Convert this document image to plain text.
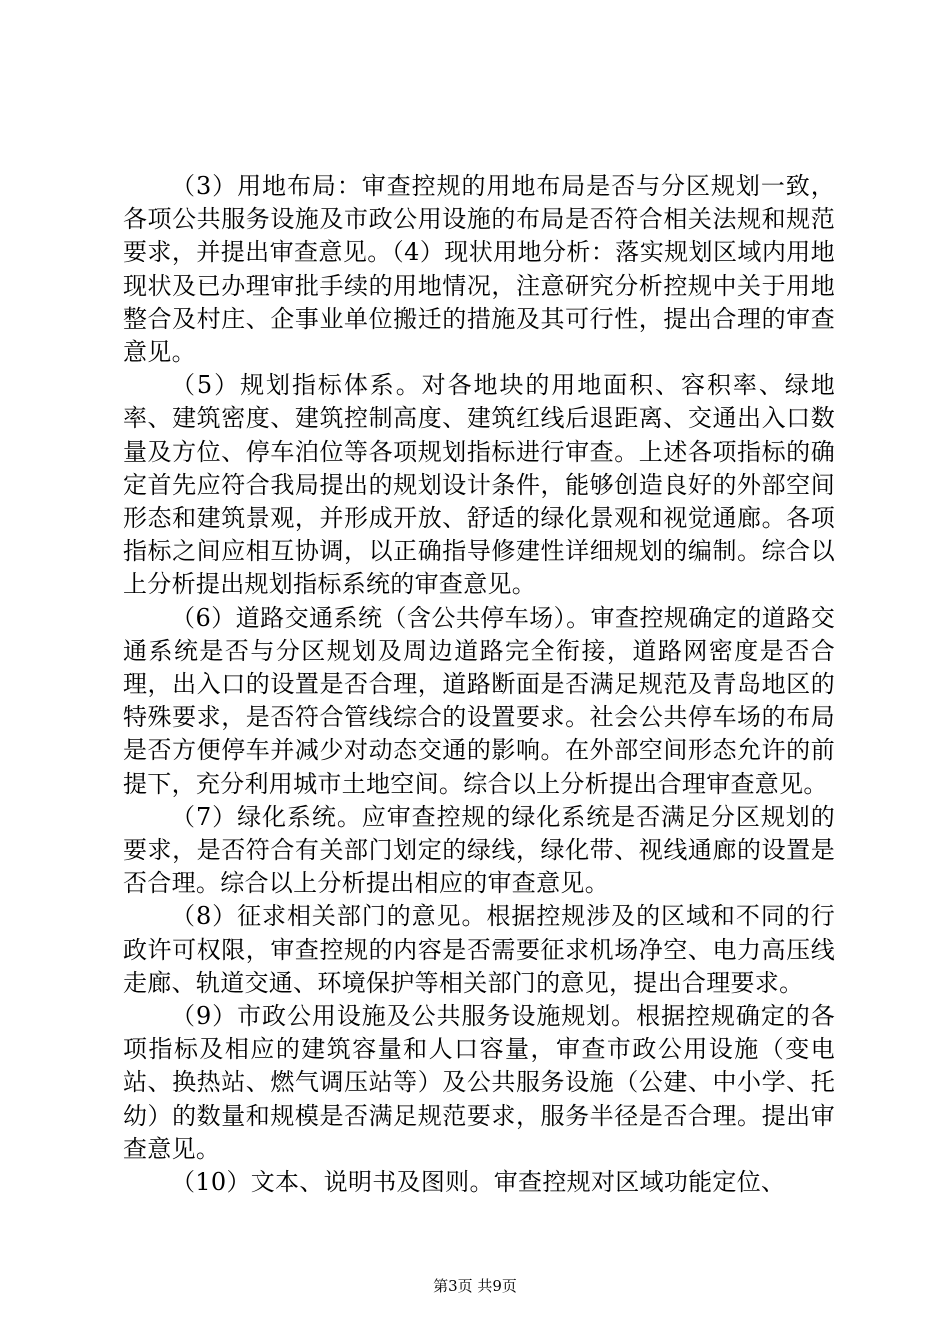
（3）用地布局：审查控规的用地布局是否与分区规划一致，各项公共服务设施及市政公用设施的布局是否符合相关法规和规范要求，并提出审查意见。（4）现状用地分析：落实规划区域内用地现状及已办理审批手续的用地情况，注意研究分析控规中关于用地整合及村庄、企事业单位搬迁的措施及其可行性，提出合理的审查意见。

（5）规划指标体系。对各地块的用地面积、容积率、绿地率、建筑密度、建筑控制高度、建筑红线后退距离、交通出入口数量及方位、停车泊位等各项规划指标进行审查。上述各项指标的确定首先应符合我局提出的规划设计条件，能够创造良好的外部空间形态和建筑景观，并形成开放、舒适的绿化景观和视觉通廊。各项指标之间应相互协调，以正确指导修建性详细规划的编制。综合以上分析提出规划指标系统的审查意见。

（6）道路交通系统（含公共停车场）。审查控规确定的道路交通系统是否与分区规划及周边道路完全衔接，道路网密度是否合理，出入口的设置是否合理，道路断面是否满足规范及青岛地区的特殊要求，是否符合管线综合的设置要求。社会公共停车场的布局是否方便停车并减少对动态交通的影响。在外部空间形态允许的前提下，充分利用城市土地空间。综合以上分析提出合理审查意见。

（7）绿化系统。应审查控规的绿化系统是否满足分区规划的要求，是否符合有关部门划定的绿线，绿化带、视线通廊的设置是否合理。综合以上分析提出相应的审查意见。

（8）征求相关部门的意见。根据控规涉及的区域和不同的行政许可权限，审查控规的内容是否需要征求机场净空、电力高压线走廊、轨道交通、环境保护等相关部门的意见，提出合理要求。

（9）市政公用设施及公共服务设施规划。根据控规确定的各项指标及相应的建筑容量和人口容量，审查市政公用设施（变电站、换热站、燃气调压站等）及公共服务设施（公建、中小学、托幼）的数量和规模是否满足规范要求，服务半径是否合理。提出审查意见。

（10）文本、说明书及图则。审查控规对区域功能定位、

第3页 共9页
